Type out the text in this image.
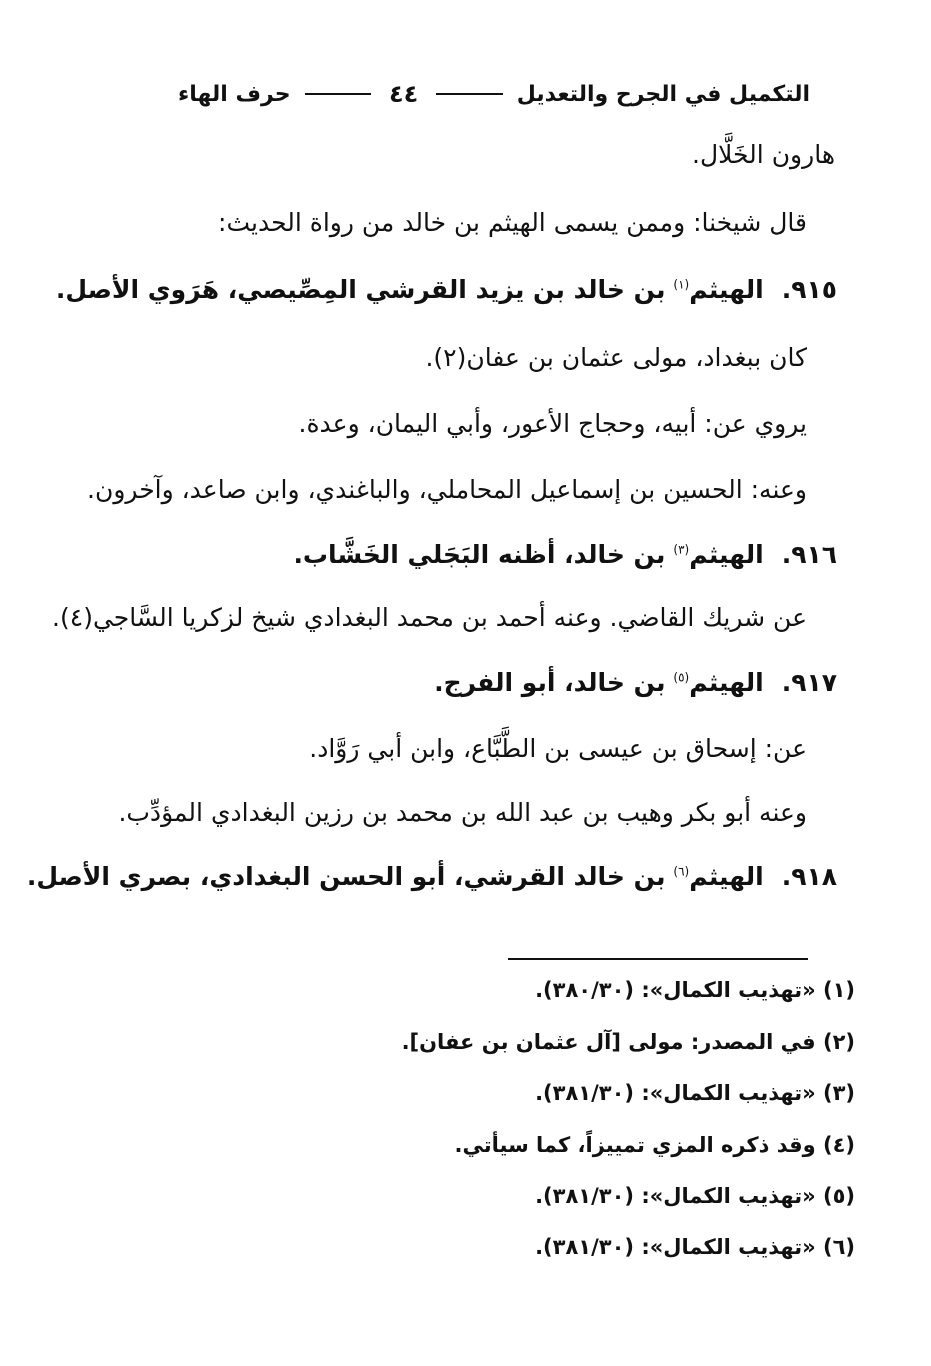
التكميل في الجرح والتعديل
٤٤
حرف الهاء
هارون الخَلَّال.
قال شيخنا: وممن يسمى الهيثم بن خالد من رواة الحديث:
٩١٥.الهيثم$^{(١)}$ بن خالد بن يزيد القرشي المِصِّيصي، هَرَوي الأصل.
كان ببغداد، مولى عثمان بن عفان(٢).
يروي عن: أبيه، وحجاج الأعور، وأبي اليمان، وعدة.
وعنه: الحسين بن إسماعيل المحاملي، والباغندي، وابن صاعد، وآخرون.
٩١٦.الهيثم$^{(٣)}$ بن خالد، أظنه البَجَلي الخَشَّاب.
عن شريك القاضي. وعنه أحمد بن محمد البغدادي شيخ لزكريا السَّاجي(٤).
٩١٧.الهيثم$^{(٥)}$ بن خالد، أبو الفرج.
عن: إسحاق بن عيسى بن الطَّبَّاع، وابن أبي رَوَّاد.
وعنه أبو بكر وهيب بن عبد الله بن محمد بن رزين البغدادي المؤدِّب.
٩١٨.الهيثم$^{(٦)}$ بن خالد القرشي، أبو الحسن البغدادي، بصري الأصل.
(١) «تهذيب الكمال»: (٣٨٠/٣٠).
(٢) في المصدر: مولى [آل عثمان بن عفان].
(٣) «تهذيب الكمال»: (٣٨١/٣٠).
(٤) وقد ذكره المزي تمييزاً، كما سيأتي.
(٥) «تهذيب الكمال»: (٣٨١/٣٠).
(٦) «تهذيب الكمال»: (٣٨١/٣٠).
